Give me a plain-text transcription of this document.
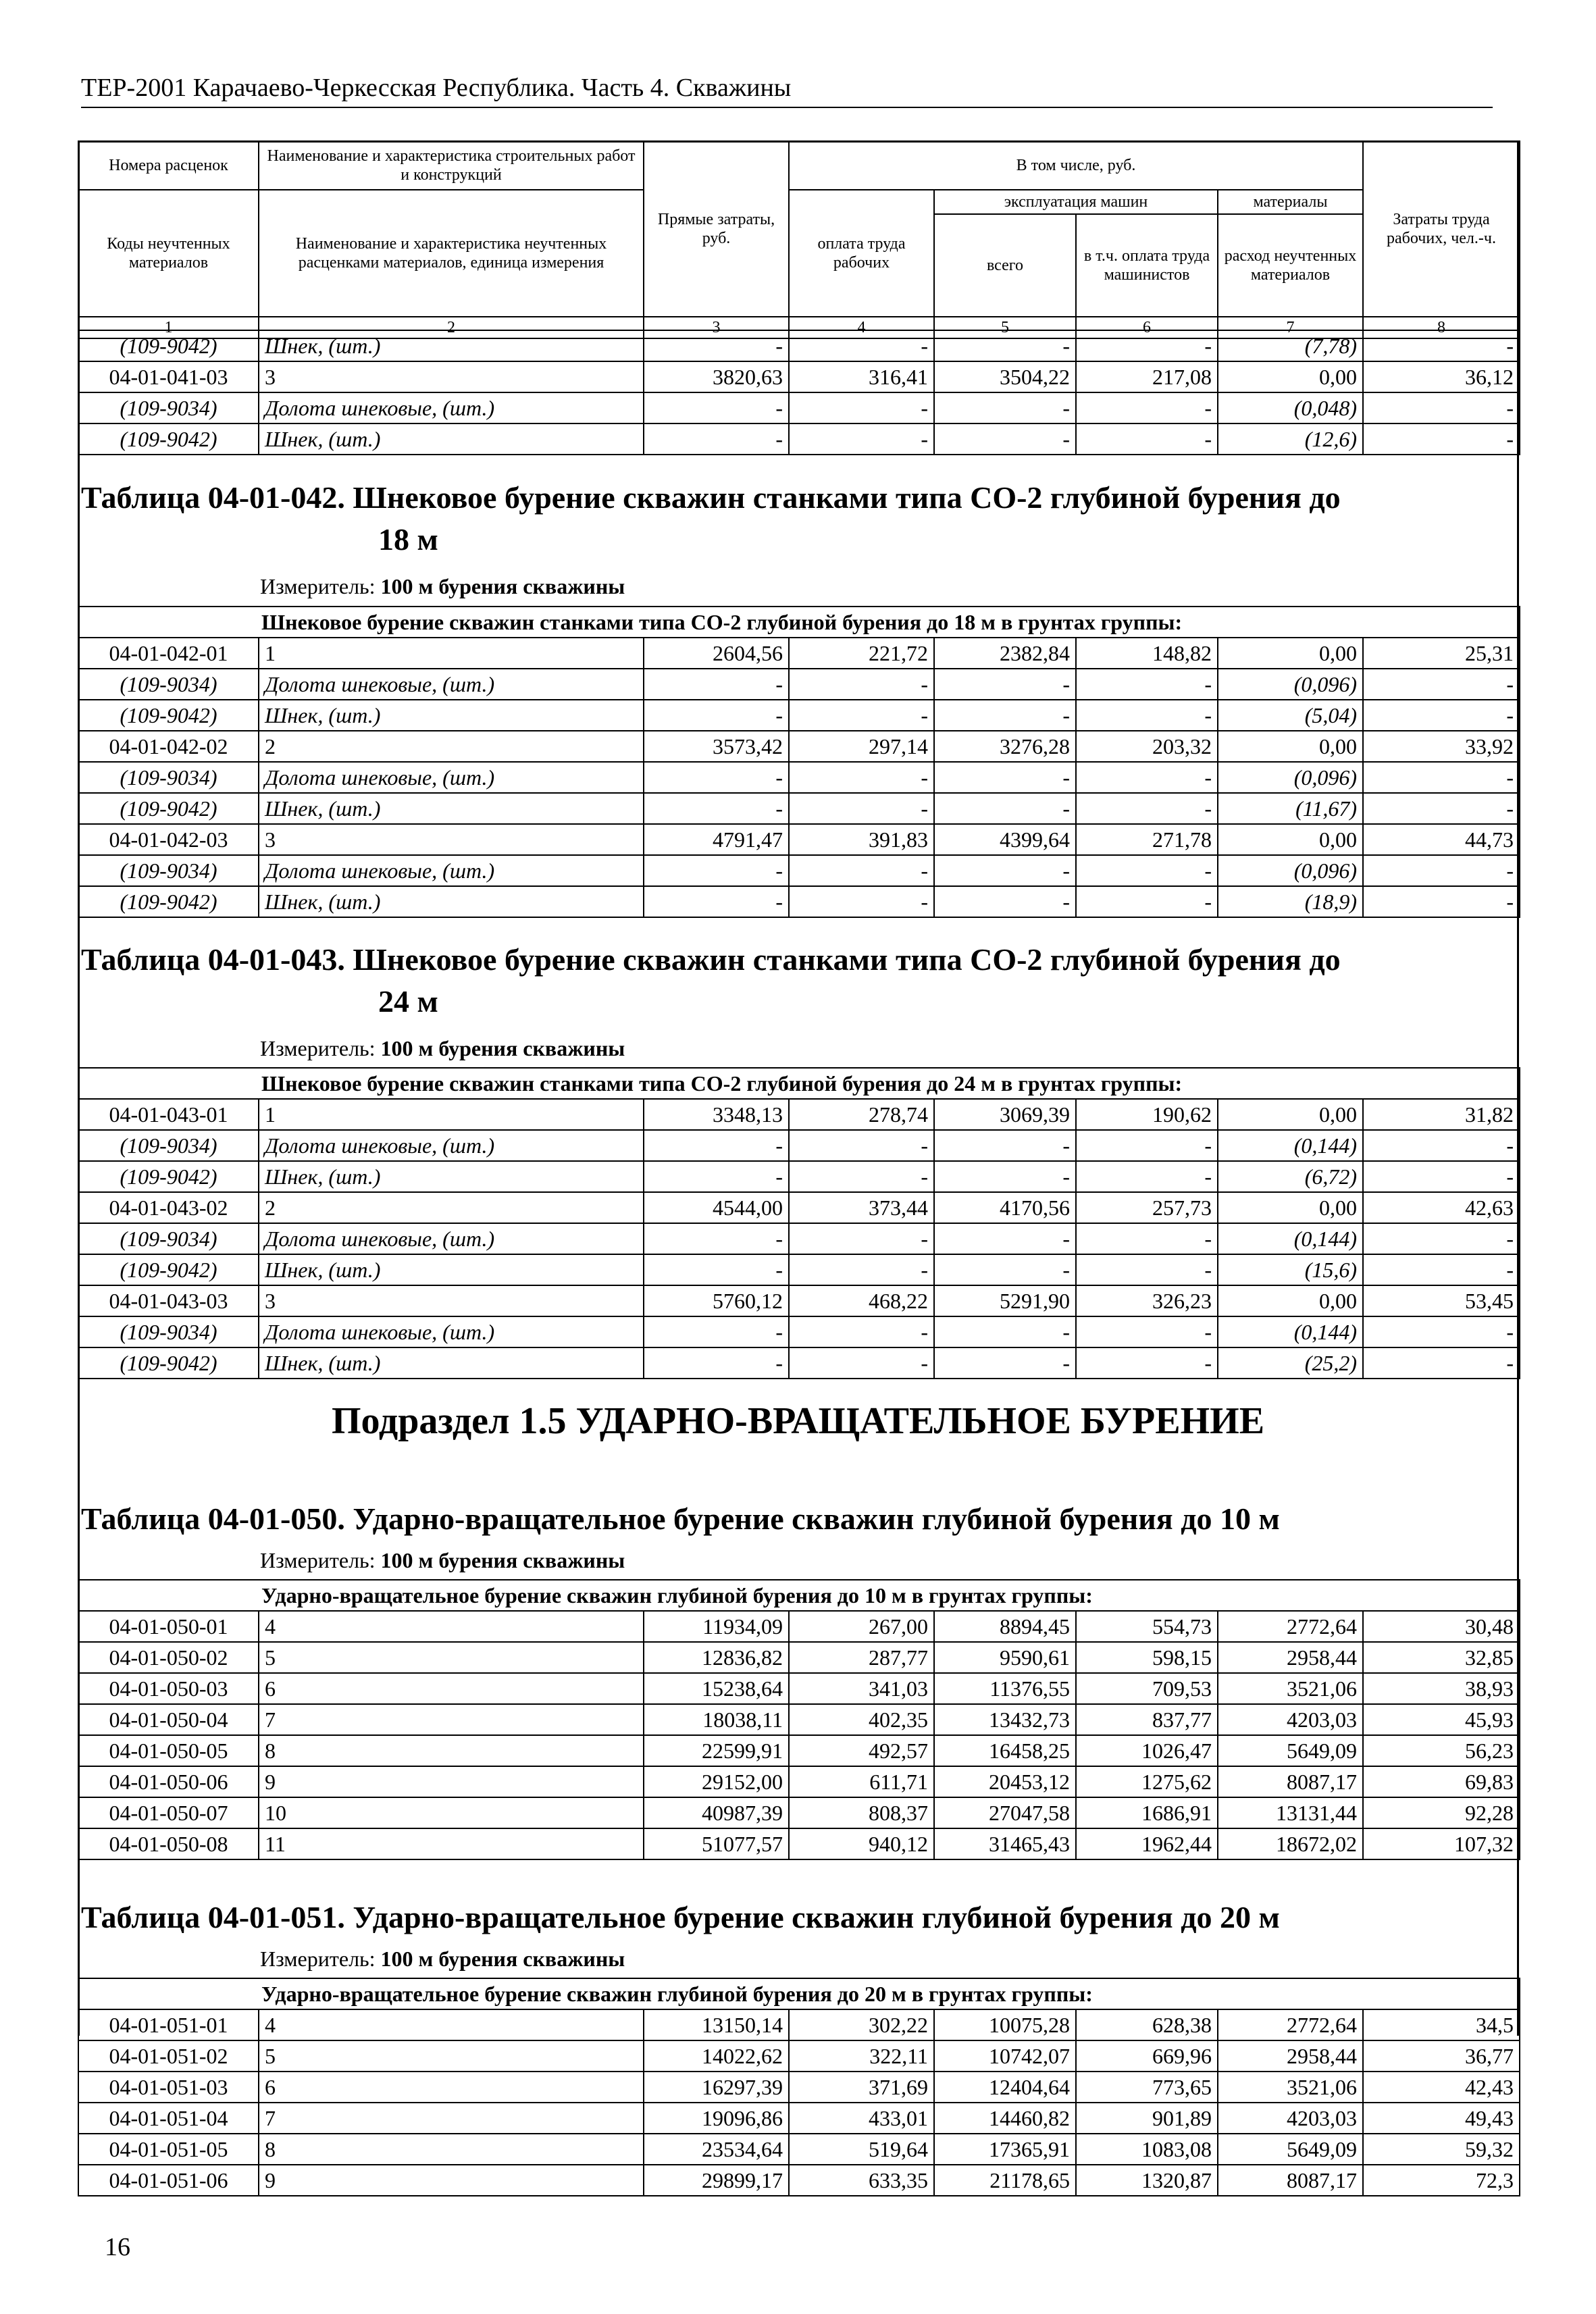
ТЕР-2001 Карачаево-Черкесская Республика. Часть 4. Скважины
Номера расценок	Наименование и характеристика строительных работ и конструкций	Прямые затраты, руб.	В том числе, руб.				Затраты труда рабочих, чел.-ч.
Коды неучтенных материалов	Наименование и характеристика неучтенных расценками материалов, единица измерения		оплата труда рабочих	эксплуатация машин		материалы	
				всего	в т.ч. оплата труда машинистов	расход неучтенных материалов	
1	2	3	4	5	6	7	8
(109-9042)	Шнек, (шт.)	-	-	-	-	(7,78)	-
04-01-041-03	3	3820,63	316,41	3504,22	217,08	0,00	36,12
(109-9034)	Долота шнековые, (шт.)	-	-	-	-	(0,048)	-
(109-9042)	Шнек, (шт.)	-	-	-	-	(12,6)	-
Таблица 04-01-042. Шнековое бурение скважин станками типа СО-2 глубиной бурения до
18 м
Измеритель: 100 м бурения скважины
Шнековое бурение скважин станками типа СО-2 глубиной бурения до 18 м в грунтах группы:							
04-01-042-01	1	2604,56	221,72	2382,84	148,82	0,00	25,31
(109-9034)	Долота шнековые, (шт.)	-	-	-	-	(0,096)	-
(109-9042)	Шнек, (шт.)	-	-	-	-	(5,04)	-
04-01-042-02	2	3573,42	297,14	3276,28	203,32	0,00	33,92
(109-9034)	Долота шнековые, (шт.)	-	-	-	-	(0,096)	-
(109-9042)	Шнек, (шт.)	-	-	-	-	(11,67)	-
04-01-042-03	3	4791,47	391,83	4399,64	271,78	0,00	44,73
(109-9034)	Долота шнековые, (шт.)	-	-	-	-	(0,096)	-
(109-9042)	Шнек, (шт.)	-	-	-	-	(18,9)	-
Таблица 04-01-043. Шнековое бурение скважин станками типа СО-2 глубиной бурения до
24 м
Измеритель: 100 м бурения скважины
Шнековое бурение скважин станками типа СО-2 глубиной бурения до 24 м в грунтах группы:							
04-01-043-01	1	3348,13	278,74	3069,39	190,62	0,00	31,82
(109-9034)	Долота шнековые, (шт.)	-	-	-	-	(0,144)	-
(109-9042)	Шнек, (шт.)	-	-	-	-	(6,72)	-
04-01-043-02	2	4544,00	373,44	4170,56	257,73	0,00	42,63
(109-9034)	Долота шнековые, (шт.)	-	-	-	-	(0,144)	-
(109-9042)	Шнек, (шт.)	-	-	-	-	(15,6)	-
04-01-043-03	3	5760,12	468,22	5291,90	326,23	0,00	53,45
(109-9034)	Долота шнековые, (шт.)	-	-	-	-	(0,144)	-
(109-9042)	Шнек, (шт.)	-	-	-	-	(25,2)	-
Подраздел 1.5 УДАРНО-ВРАЩАТЕЛЬНОЕ БУРЕНИЕ
Таблица 04-01-050. Ударно-вращательное бурение скважин глубиной бурения до 10 м
Измеритель: 100 м бурения скважины
Ударно-вращательное бурение скважин глубиной бурения до 10 м в грунтах группы:							
04-01-050-01	4	11934,09	267,00	8894,45	554,73	2772,64	30,48
04-01-050-02	5	12836,82	287,77	9590,61	598,15	2958,44	32,85
04-01-050-03	6	15238,64	341,03	11376,55	709,53	3521,06	38,93
04-01-050-04	7	18038,11	402,35	13432,73	837,77	4203,03	45,93
04-01-050-05	8	22599,91	492,57	16458,25	1026,47	5649,09	56,23
04-01-050-06	9	29152,00	611,71	20453,12	1275,62	8087,17	69,83
04-01-050-07	10	40987,39	808,37	27047,58	1686,91	13131,44	92,28
04-01-050-08	11	51077,57	940,12	31465,43	1962,44	18672,02	107,32
Таблица 04-01-051. Ударно-вращательное бурение скважин глубиной бурения до 20 м
Измеритель: 100 м бурения скважины
Ударно-вращательное бурение скважин глубиной бурения до 20 м в грунтах группы:							
04-01-051-01	4	13150,14	302,22	10075,28	628,38	2772,64	34,5
04-01-051-02	5	14022,62	322,11	10742,07	669,96	2958,44	36,77
04-01-051-03	6	16297,39	371,69	12404,64	773,65	3521,06	42,43
04-01-051-04	7	19096,86	433,01	14460,82	901,89	4203,03	49,43
04-01-051-05	8	23534,64	519,64	17365,91	1083,08	5649,09	59,32
04-01-051-06	9	29899,17	633,35	21178,65	1320,87	8087,17	72,3
16
